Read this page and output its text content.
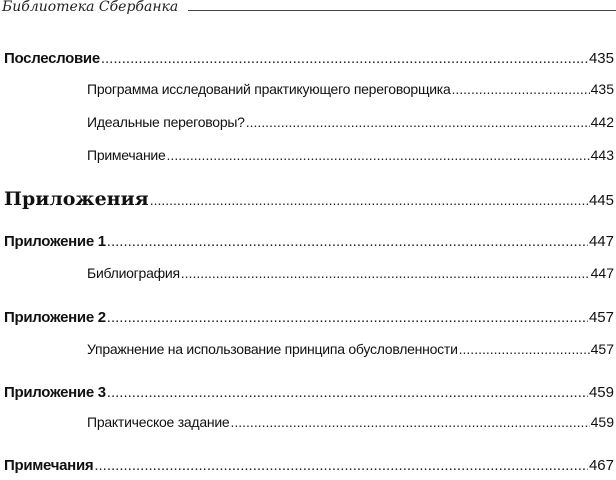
Библиотека Сбербанка
Послесловие .....	435
Программа исследований практикующего переговорщика .....	435
Идеальные переговоры? .....	442
Примечание .....	443
Приложения .....	445
Приложение 1 .....	447
Библиография .....	447
Приложение 2 .....	457
Упражнение на использование принципа обусловленности .....	457
Приложение 3 .....	459
Практическое задание .....	459
Примечания .....	467
